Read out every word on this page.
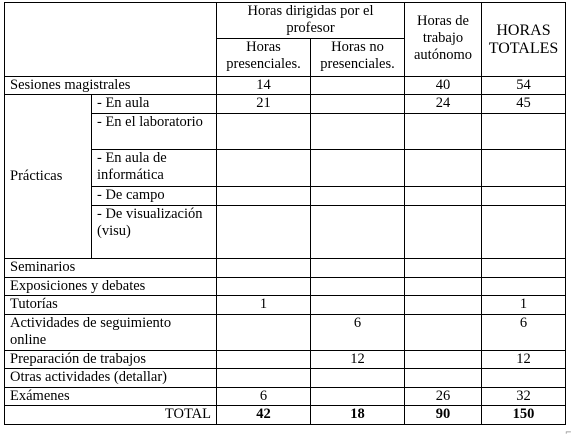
		Horas dirigidas por el profesor		Horas de trabajo autónomo	HORAS TOTALES
		Horas presenciales.	Horas no presenciales.		
Sesiones magistrales		14		40	54
Prácticas	- En aula	21		24	45
	- En el laboratorio				
	- En aula de informática				
	- De campo				
	- De visualización (visu)				
Seminarios					
Exposiciones y debates					
Tutorías		1			1
Actividades de seguimiento online			6		6
Preparación de trabajos			12		12
Otras actividades (detallar)					
Exámenes		6		26	32
TOTAL		42	18	90	150
⌐
